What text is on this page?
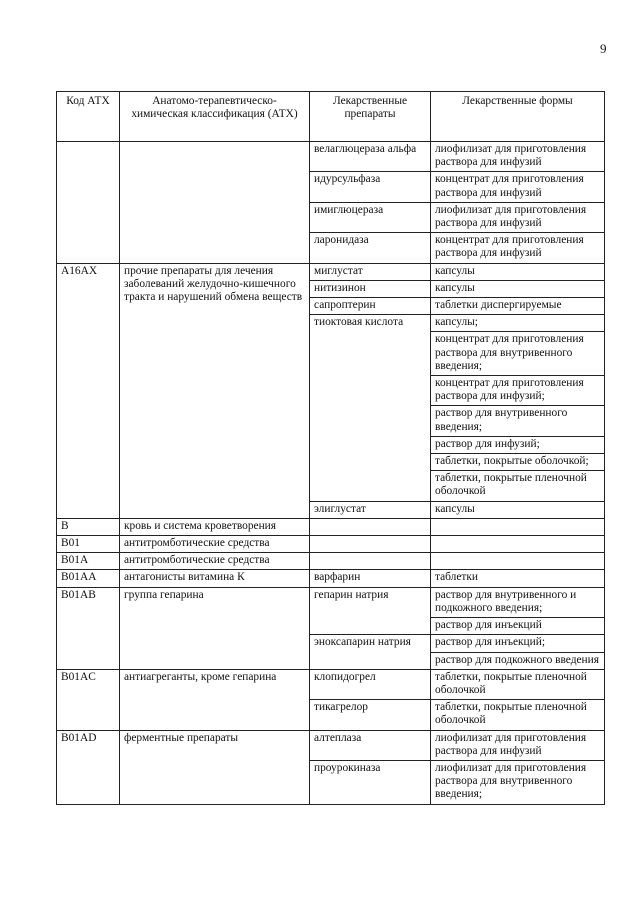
9
Код АТХ	Анатомо-терапевтическо-химическая классификация (АТХ)	Лекарственные препараты	Лекарственные формы
		велаглюцераза альфа	лиофилизат для приготовления раствора для инфузий
		идурсульфаза	концентрат для приготовления раствора для инфузий
		имиглюцераза	лиофилизат для приготовления раствора для инфузий
		ларонидаза	концентрат для приготовления раствора для инфузий
A16AX	прочие препараты для лечения заболеваний желудочно-кишечного тракта и нарушений обмена веществ	миглустат	капсулы
		нитизинон	капсулы
		сапроптерин	таблетки диспергируемые
		тиоктовая кислота	капсулы;
			концентрат для приготовления раствора для внутривенного введения;
			концентрат для приготовления раствора для инфузий;
			раствор для внутривенного введения;
			раствор для инфузий;
			таблетки, покрытые оболочкой;
			таблетки, покрытые пленочной оболочкой
		элиглустат	капсулы
B	кровь и система кроветворения		
B01	антитромботические средства		
B01A	антитромботические средства		
B01AA	антагонисты витамина К	варфарин	таблетки
B01AB	группа гепарина	гепарин натрия	раствор для внутривенного и подкожного введения;
			раствор для инъекций
		эноксапарин натрия	раствор для инъекций;
			раствор для подкожного введения
B01AC	антиагреганты, кроме гепарина	клопидогрел	таблетки, покрытые пленочной оболочкой
		тикагрелор	таблетки, покрытые пленочной оболочкой
B01AD	ферментные препараты	алтеплаза	лиофилизат для приготовления раствора для инфузий
		проурокиназа	лиофилизат для приготовления раствора для внутривенного введения;
